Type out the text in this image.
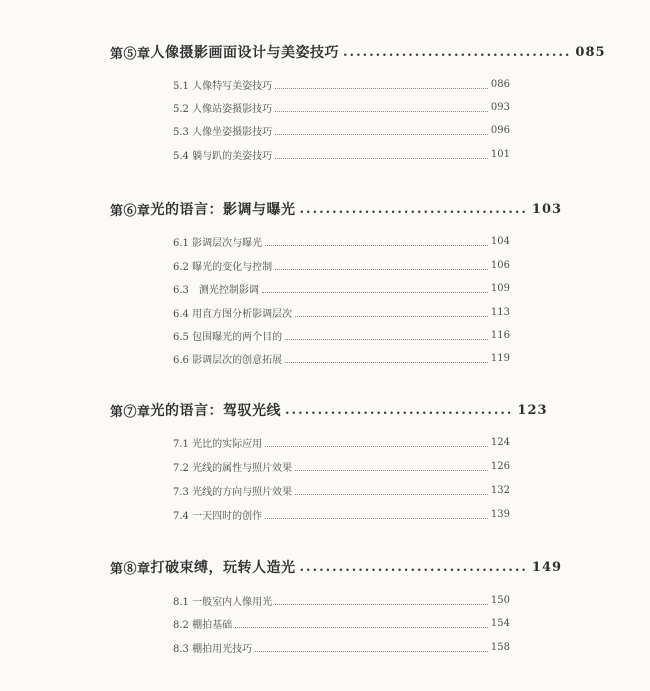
第⑤章 人像摄影画面设计与美姿技巧 ................................... 085
5.1 人像特写美姿技巧	086
5.2 人像站姿摄影技巧	093
5.3 人像坐姿摄影技巧	096
5.4 躺与趴的美姿技巧	101
第⑥章 光的语言：影调与曝光 ................................... 103
6.1 影调层次与曝光	104
6.2 曝光的变化与控制	106
6.3　测光控制影调	109
6.4 用直方图分析影调层次	113
6.5 包围曝光的两个目的	116
6.6 影调层次的创意拓展	119
第⑦章 光的语言：驾驭光线 ................................... 123
7.1 光比的实际应用	124
7.2 光线的属性与照片效果	126
7.3 光线的方向与照片效果	132
7.4 一天四时的创作	139
第⑧章 打破束缚，玩转人造光 ................................... 149
8.1 一般室内人像用光	150
8.2 棚拍基础	154
8.3 棚拍用光技巧	158
